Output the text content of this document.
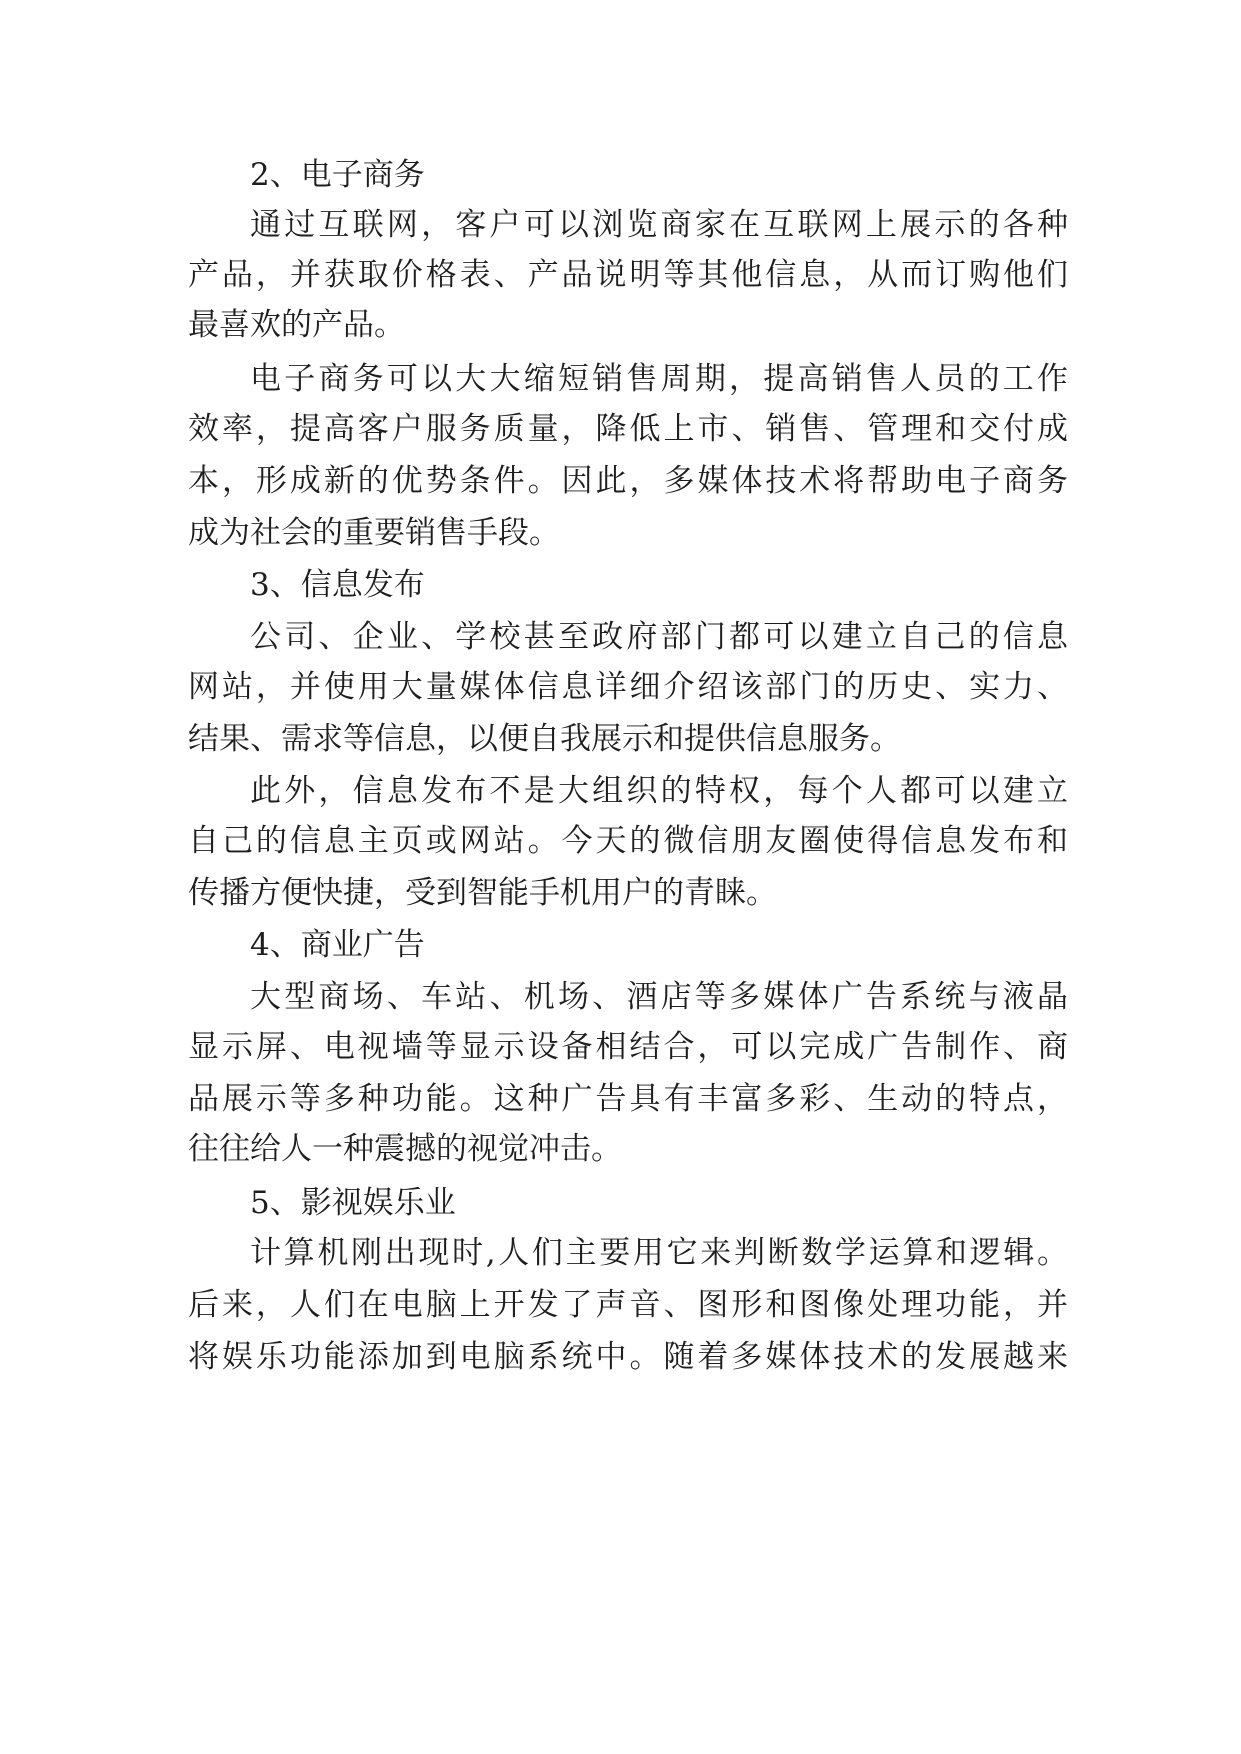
2、电子商务
通过互联网，客户可以浏览商家在互联网上展示的各种
产品，并获取价格表、产品说明等其他信息，从而订购他们
最喜欢的产品。
电子商务可以大大缩短销售周期，提高销售人员的工作
效率，提高客户服务质量，降低上市、销售、管理和交付成
本，形成新的优势条件。因此，多媒体技术将帮助电子商务
成为社会的重要销售手段。
3、信息发布
公司、企业、学校甚至政府部门都可以建立自己的信息
网站，并使用大量媒体信息详细介绍该部门的历史、实力、
结果、需求等信息，以便自我展示和提供信息服务。
此外，信息发布不是大组织的特权，每个人都可以建立
自己的信息主页或网站。今天的微信朋友圈使得信息发布和
传播方便快捷，受到智能手机用户的青睐。
4、商业广告
大型商场、车站、机场、酒店等多媒体广告系统与液晶
显示屏、电视墙等显示设备相结合，可以完成广告制作、商
品展示等多种功能。这种广告具有丰富多彩、生动的特点，
往往给人一种震撼的视觉冲击。
5、影视娱乐业
计算机刚出现时,人们主要用它来判断数学运算和逻辑。
后来，人们在电脑上开发了声音、图形和图像处理功能，并
将娱乐功能添加到电脑系统中。随着多媒体技术的发展越来
